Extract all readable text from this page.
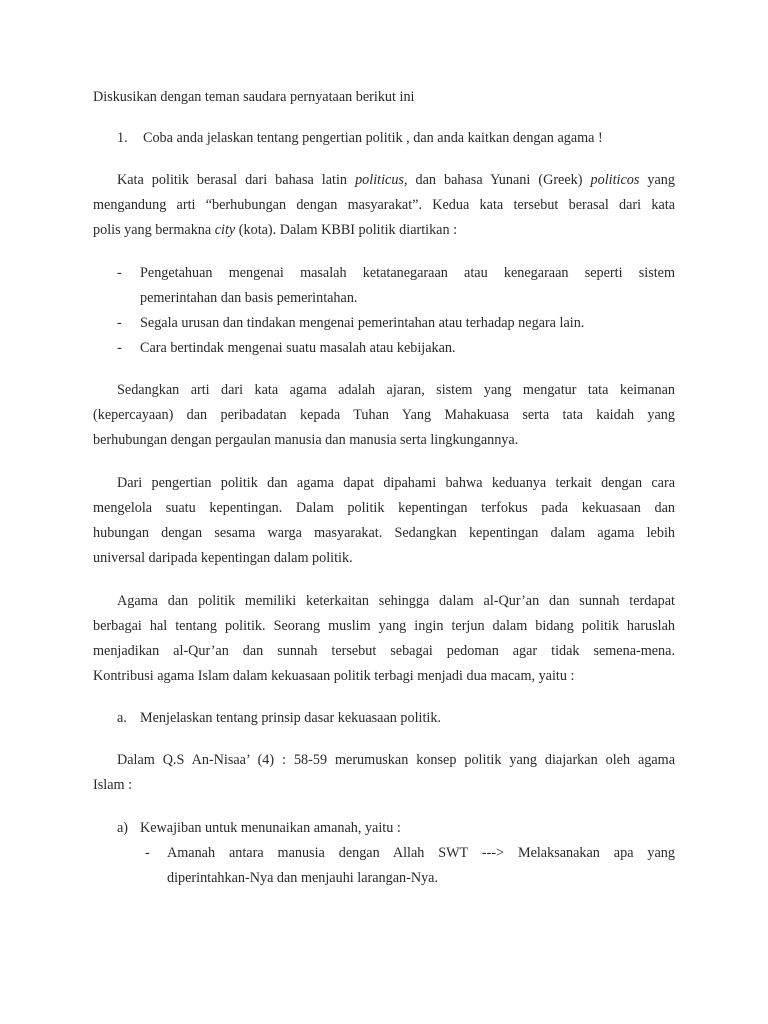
Diskusikan dengan teman saudara pernyataan berikut ini
1. Coba anda jelaskan tentang pengertian politik , dan anda kaitkan dengan agama !
Kata politik berasal dari bahasa latin politicus, dan bahasa Yunani (Greek) politicos yang
mengandung arti “berhubungan dengan masyarakat”. Kedua kata tersebut berasal dari kata
polis yang bermakna city (kota). Dalam KBBI politik diartikan :
- Pengetahuan mengenai masalah ketatanegaraan atau kenegaraan seperti sistem
pemerintahan dan basis pemerintahan.
- Segala urusan dan tindakan mengenai pemerintahan atau terhadap negara lain.
- Cara bertindak mengenai suatu masalah atau kebijakan.
Sedangkan arti dari kata agama adalah ajaran, sistem yang mengatur tata keimanan
(kepercayaan) dan peribadatan kepada Tuhan Yang Mahakuasa serta tata kaidah yang
berhubungan dengan pergaulan manusia dan manusia serta lingkungannya.
Dari pengertian politik dan agama dapat dipahami bahwa keduanya terkait dengan cara
mengelola suatu kepentingan. Dalam politik kepentingan terfokus pada kekuasaan dan
hubungan dengan sesama warga masyarakat. Sedangkan kepentingan dalam agama lebih
universal daripada kepentingan dalam politik.
Agama dan politik memiliki keterkaitan sehingga dalam al-Qur’an dan sunnah terdapat
berbagai hal tentang politik. Seorang muslim yang ingin terjun dalam bidang politik haruslah
menjadikan al-Qur’an dan sunnah tersebut sebagai pedoman agar tidak semena-mena.
Kontribusi agama Islam dalam kekuasaan politik terbagi menjadi dua macam, yaitu :
a. Menjelaskan tentang prinsip dasar kekuasaan politik.
Dalam Q.S An-Nisaa’ (4) : 58-59 merumuskan konsep politik yang diajarkan oleh agama
Islam :
a) Kewajiban untuk menunaikan amanah, yaitu :
- Amanah antara manusia dengan Allah SWT ---> Melaksanakan apa yang
diperintahkan-Nya dan menjauhi larangan-Nya.
